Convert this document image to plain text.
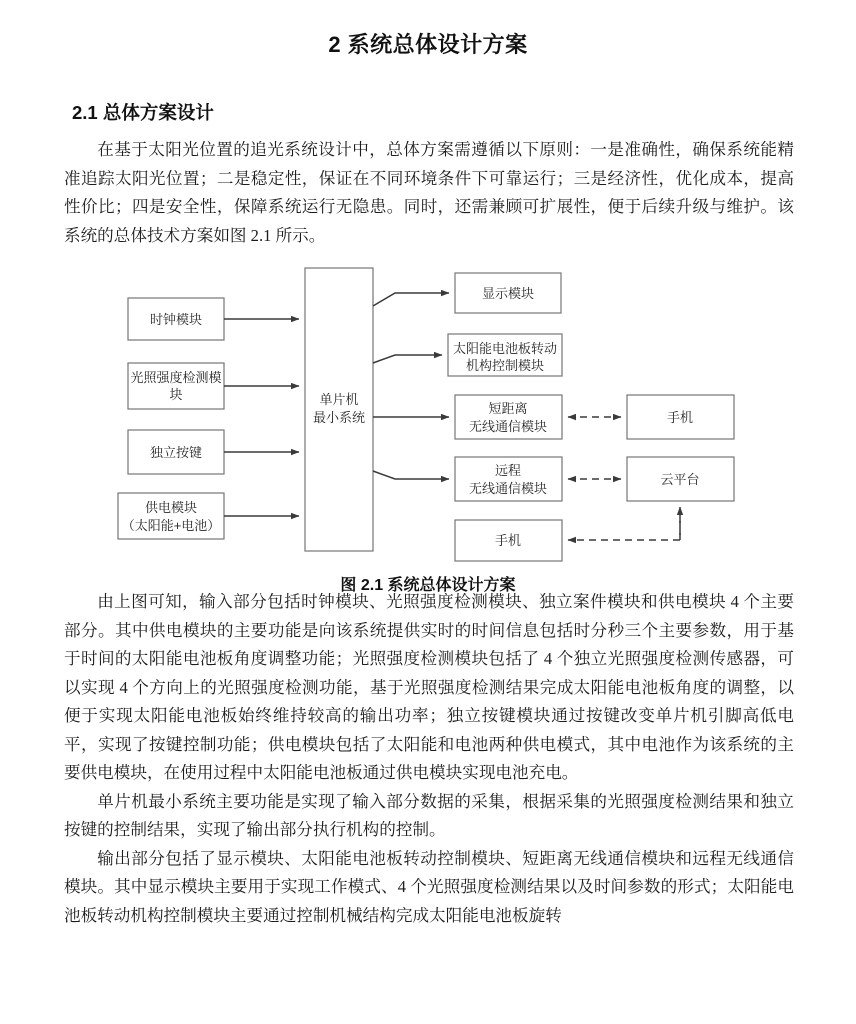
2 系统总体设计方案
2.1 总体方案设计

在基于太阳光位置的追光系统设计中，总体方案需遵循以下原则：一是准确性，确保系统能精准追踪太阳光位置；二是稳定性，保证在不同环境条件下可靠运行；三是经济性，优化成本，提高性价比；四是安全性，保障系统运行无隐患。同时，还需兼顾可扩展性，便于后续升级与维护。该系统的总体技术方案如图 2.1 所示。

时钟模块
光照强度检测模
块
独立按键
供电模块
（太阳能+电池）
单片机
最小系统
显示模块
太阳能电池板转动
机构控制模块
短距离
无线通信模块
远程
无线通信模块
手机
手机
云平台

图 2.1 系统总体设计方案

由上图可知，输入部分包括时钟模块、光照强度检测模块、独立案件模块和供电模块 4 个主要部分。其中供电模块的主要功能是向该系统提供实时的时间信息包括时分秒三个主要参数，用于基于时间的太阳能电池板角度调整功能；光照强度检测模块包括了 4 个独立光照强度检测传感器，可以实现 4 个方向上的光照强度检测功能，基于光照强度检测结果完成太阳能电池板角度的调整，以便于实现太阳能电池板始终维持较高的输出功率；独立按键模块通过按键改变单片机引脚高低电平，实现了按键控制功能；供电模块包括了太阳能和电池两种供电模式，其中电池作为该系统的主要供电模块，在使用过程中太阳能电池板通过供电模块实现电池充电。

单片机最小系统主要功能是实现了输入部分数据的采集，根据采集的光照强度检测结果和独立按键的控制结果，实现了输出部分执行机构的控制。

输出部分包括了显示模块、太阳能电池板转动控制模块、短距离无线通信模块和远程无线通信模块。其中显示模块主要用于实现工作模式、4 个光照强度检测结果以及时间参数的形式；太阳能电池板转动机构控制模块主要通过控制机械结构完成太阳能电池板旋转
